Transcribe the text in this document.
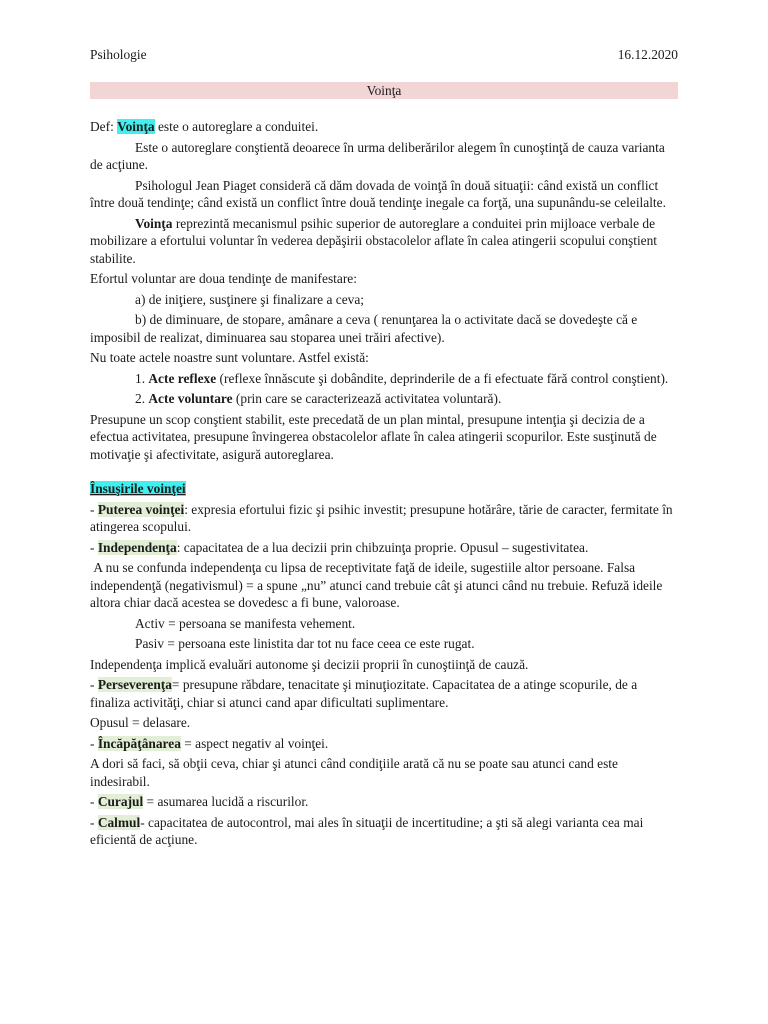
Psihologie	16.12.2020
Voinţa

Def: Voinţa este o autoreglare a conduitei.

Este o autoreglare conştientă deoarece în urma deliberărilor alegem în cunoştinţă de cauza varianta de acţiune.

Psihologul Jean Piaget consideră că dăm dovada de voinţă în două situaţii: când există un conflict între două tendinţe; când există un conflict între două tendinţe inegale ca forţă, una supunându-se celeilalte.

Voinţa reprezintă mecanismul psihic superior de autoreglare a conduitei prin mijloace verbale de mobilizare a efortului voluntar în vederea depăşirii obstacolelor aflate în calea atingerii scopului conştient stabilite.

Efortul voluntar are doua tendinţe de manifestare:

a) de iniţiere, susţinere şi finalizare a ceva;

b) de diminuare, de stopare, amânare a ceva ( renunţarea la o activitate dacă se dovedeşte că e imposibil de realizat, diminuarea sau stoparea unei trăiri afective).

Nu toate actele noastre sunt voluntare. Astfel există:

1. Acte reflexe (reflexe înnăscute şi dobândite, deprinderile de a fi efectuate fără control conştient).

2. Acte voluntare (prin care se caracterizează activitatea voluntară).

Presupune un scop conştient stabilit, este precedată de un plan mintal, presupune intenţia şi decizia de a efectua activitatea, presupune învingerea obstacolelor aflate în calea atingerii scopurilor. Este susţinută de motivaţie şi afectivitate, asigură autoreglarea.

Însuşirile voinţei

- Puterea voinţei: expresia efortului fizic şi psihic investit; presupune hotărâre, tărie de caracter, fermitate în atingerea scopului.

- Independenţa: capacitatea de a lua decizii prin chibzuinţa proprie. Opusul – sugestivitatea.

A nu se confunda independenţa cu lipsa de receptivitate faţă de ideile, sugestiile altor persoane. Falsa independenţă (negativismul) = a spune „nu” atunci cand trebuie cât şi atunci când nu trebuie. Refuză ideile altora chiar dacă acestea se dovedesc a fi bune, valoroase.

Activ = persoana se manifesta vehement.

Pasiv = persoana este linistita dar tot nu face ceea ce este rugat.

Independenţa implică evaluări autonome şi decizii proprii în cunoştiinţă de cauză.

- Perseverenţa= presupune răbdare, tenacitate şi minuţiozitate. Capacitatea de a atinge scopurile, de a finaliza activităţi, chiar si atunci cand apar dificultati suplimentare.

Opusul = delasare.

- Încăpăţânarea = aspect negativ al voinţei.

A dori să faci, să obţii ceva, chiar şi atunci când condiţiile arată că nu se poate sau atunci cand este indesirabil.

- Curajul = asumarea lucidă a riscurilor.

- Calmul- capacitatea de autocontrol, mai ales în situaţii de incertitudine; a şti să alegi varianta cea mai eficientă de acţiune.
